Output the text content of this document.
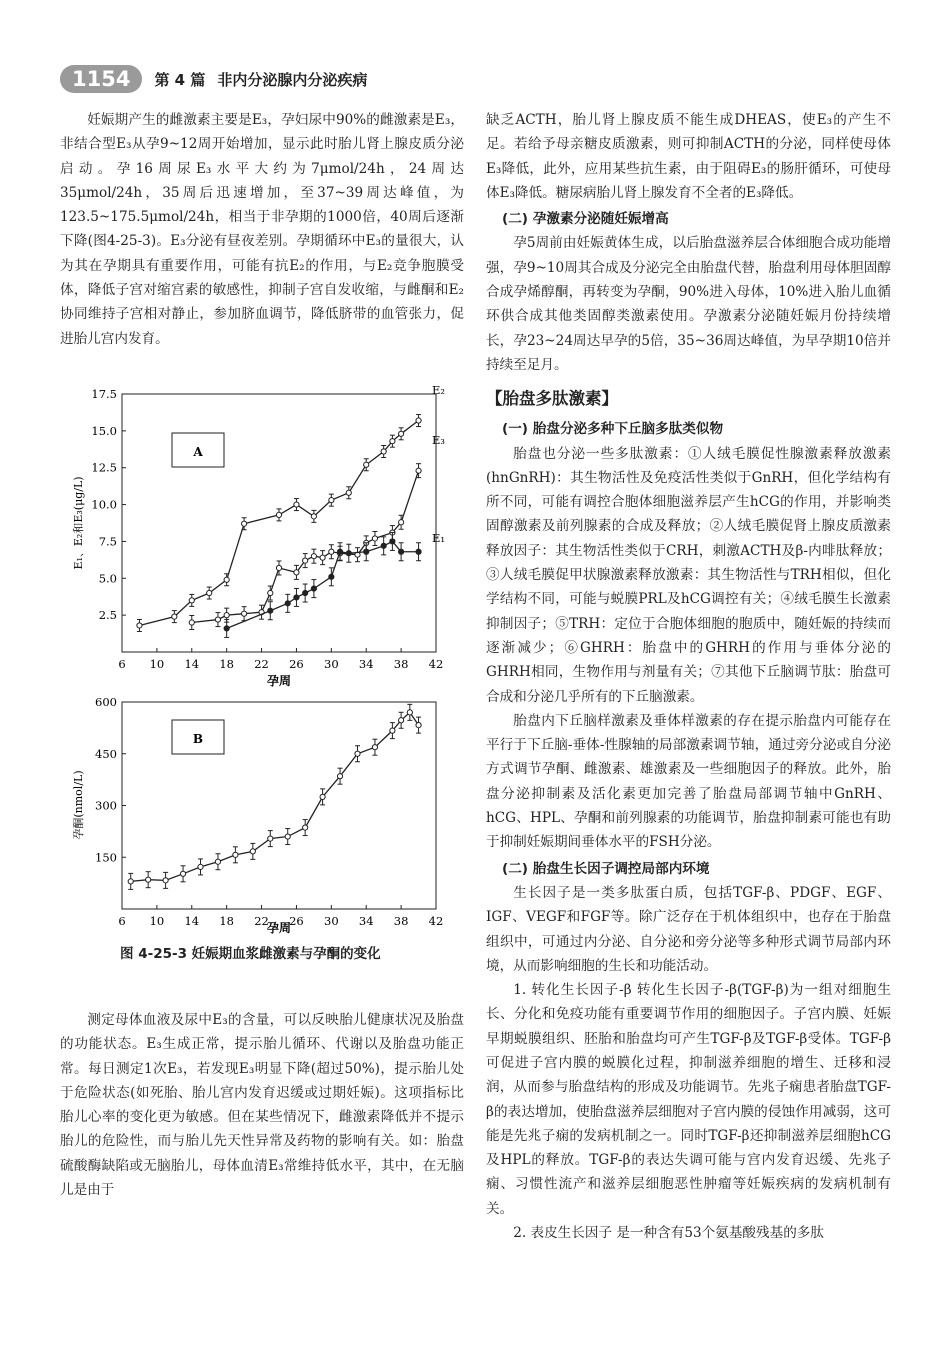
1154	第 4 篇 非内分泌腺内分泌疾病

妊娠期产生的雌激素主要是E₃，孕妇尿中90%的雌激素是E₃，非结合型E₃从孕9~12周开始增加，显示此时胎儿肾上腺皮质分泌启动。孕16周尿E₃水平大约为7μmol/24h，24周达35μmol/24h，35周后迅速增加，至37~39周达峰值，为123.5~175.5μmol/24h，相当于非孕期的1000倍，40周后逐渐下降(图4-25-3)。E₃分泌有昼夜差别。孕期循环中E₃的量很大，认为其在孕期具有重要作用，可能有抗E₂的作用，与E₂竞争胞膜受体，降低子宫对缩宫素的敏感性，抑制子宫自发收缩，与雌酮和E₂协同维持子宫相对静止，参加脐血调节，降低脐带的血管张力，促进胎儿宫内发育。

A
E₁、E₂和E₃(μg/L)
孕周
6 10 14 18 22 26 30 34 38 42
2.5
5.0
7.5
10.0
12.5
15.0
17.5	E₂
E₃
E₁
B
孕酮(nmol/L)
孕周
6 10 14 18 22 26 30 34 38 42
150
300
450
600
图 4-25-3 妊娠期血浆雌激素与孕酮的变化

测定母体血液及尿中E₃的含量，可以反映胎儿健康状况及胎盘的功能状态。E₃生成正常，提示胎儿循环、代谢以及胎盘功能正常。每日测定1次E₃，若发现E₃明显下降(超过50%)，提示胎儿处于危险状态(如死胎、胎儿宫内发育迟缓或过期妊娠)。这项指标比胎儿心率的变化更为敏感。但在某些情况下，雌激素降低并不提示胎儿的危险性，而与胎儿先天性异常及药物的影响有关。如：胎盘硫酸酶缺陷或无脑胎儿，母体血清E₃常维持低水平，其中，在无脑儿是由于

缺乏ACTH，胎儿肾上腺皮质不能生成DHEAS，使E₃的产生不足。若给予母亲糖皮质激素，则可抑制ACTH的分泌，同样使母体E₃降低，此外，应用某些抗生素，由于阻碍E₃的肠肝循环，可使母体E₃降低。糖尿病胎儿肾上腺发育不全者的E₃降低。

(二) 孕激素分泌随妊娠增高

孕5周前由妊娠黄体生成，以后胎盘滋养层合体细胞合成功能增强，孕9~10周其合成及分泌完全由胎盘代替，胎盘利用母体胆固醇合成孕烯醇酮，再转变为孕酮，90%进入母体，10%进入胎儿血循环供合成其他类固醇类激素使用。孕激素分泌随妊娠月份持续增长，孕23~24周达早孕的5倍，35~36周达峰值，为早孕期10倍并持续至足月。

【胎盘多肽激素】
(一) 胎盘分泌多种下丘脑多肽类似物

胎盘也分泌一些多肽激素：①人绒毛膜促性腺激素释放激素(hnGnRH)：其生物活性及免疫活性类似于GnRH，但化学结构有所不同，可能有调控合胞体细胞滋养层产生hCG的作用，并影响类固醇激素及前列腺素的合成及释放；②人绒毛膜促肾上腺皮质激素释放因子：其生物活性类似于CRH，刺激ACTH及β-内啡肽释放；③人绒毛膜促甲状腺激素释放激素：其生物活性与TRH相似，但化学结构不同，可能与蜕膜PRL及hCG调控有关；④绒毛膜生长激素抑制因子；⑤TRH：定位于合胞体细胞的胞质中，随妊娠的持续而逐渐减少；⑥GHRH：胎盘中的GHRH的作用与垂体分泌的GHRH相同，生物作用与剂量有关；⑦其他下丘脑调节肽：胎盘可合成和分泌几乎所有的下丘脑激素。

胎盘内下丘脑样激素及垂体样激素的存在提示胎盘内可能存在平行于下丘脑-垂体-性腺轴的局部激素调节轴，通过旁分泌或自分泌方式调节孕酮、雌激素、雄激素及一些细胞因子的释放。此外，胎盘分泌抑制素及活化素更加完善了胎盘局部调节轴中GnRH、hCG、HPL、孕酮和前列腺素的功能调节，胎盘抑制素可能也有助于抑制妊娠期间垂体水平的FSH分泌。

(二) 胎盘生长因子调控局部内环境

生长因子是一类多肽蛋白质，包括TGF-β、PDGF、EGF、IGF、VEGF和FGF等。除广泛存在于机体组织中，也存在于胎盘组织中，可通过内分泌、自分泌和旁分泌等多种形式调节局部内环境，从而影响细胞的生长和功能活动。

1. 转化生长因子-β 转化生长因子-β(TGF-β)为一组对细胞生长、分化和免疫功能有重要调节作用的细胞因子。子宫内膜、妊娠早期蜕膜组织、胚胎和胎盘均可产生TGF-β及TGF-β受体。TGF-β可促进子宫内膜的蜕膜化过程，抑制滋养细胞的增生、迁移和浸润，从而参与胎盘结构的形成及功能调节。先兆子痫患者胎盘TGF-β的表达增加，使胎盘滋养层细胞对子宫内膜的侵蚀作用减弱，这可能是先兆子痫的发病机制之一。同时TGF-β还抑制滋养层细胞hCG及HPL的释放。TGF-β的表达失调可能与宫内发育迟缓、先兆子痫、习惯性流产和滋养层细胞恶性肿瘤等妊娠疾病的发病机制有关。

2. 表皮生长因子 是一种含有53个氨基酸残基的多肽
